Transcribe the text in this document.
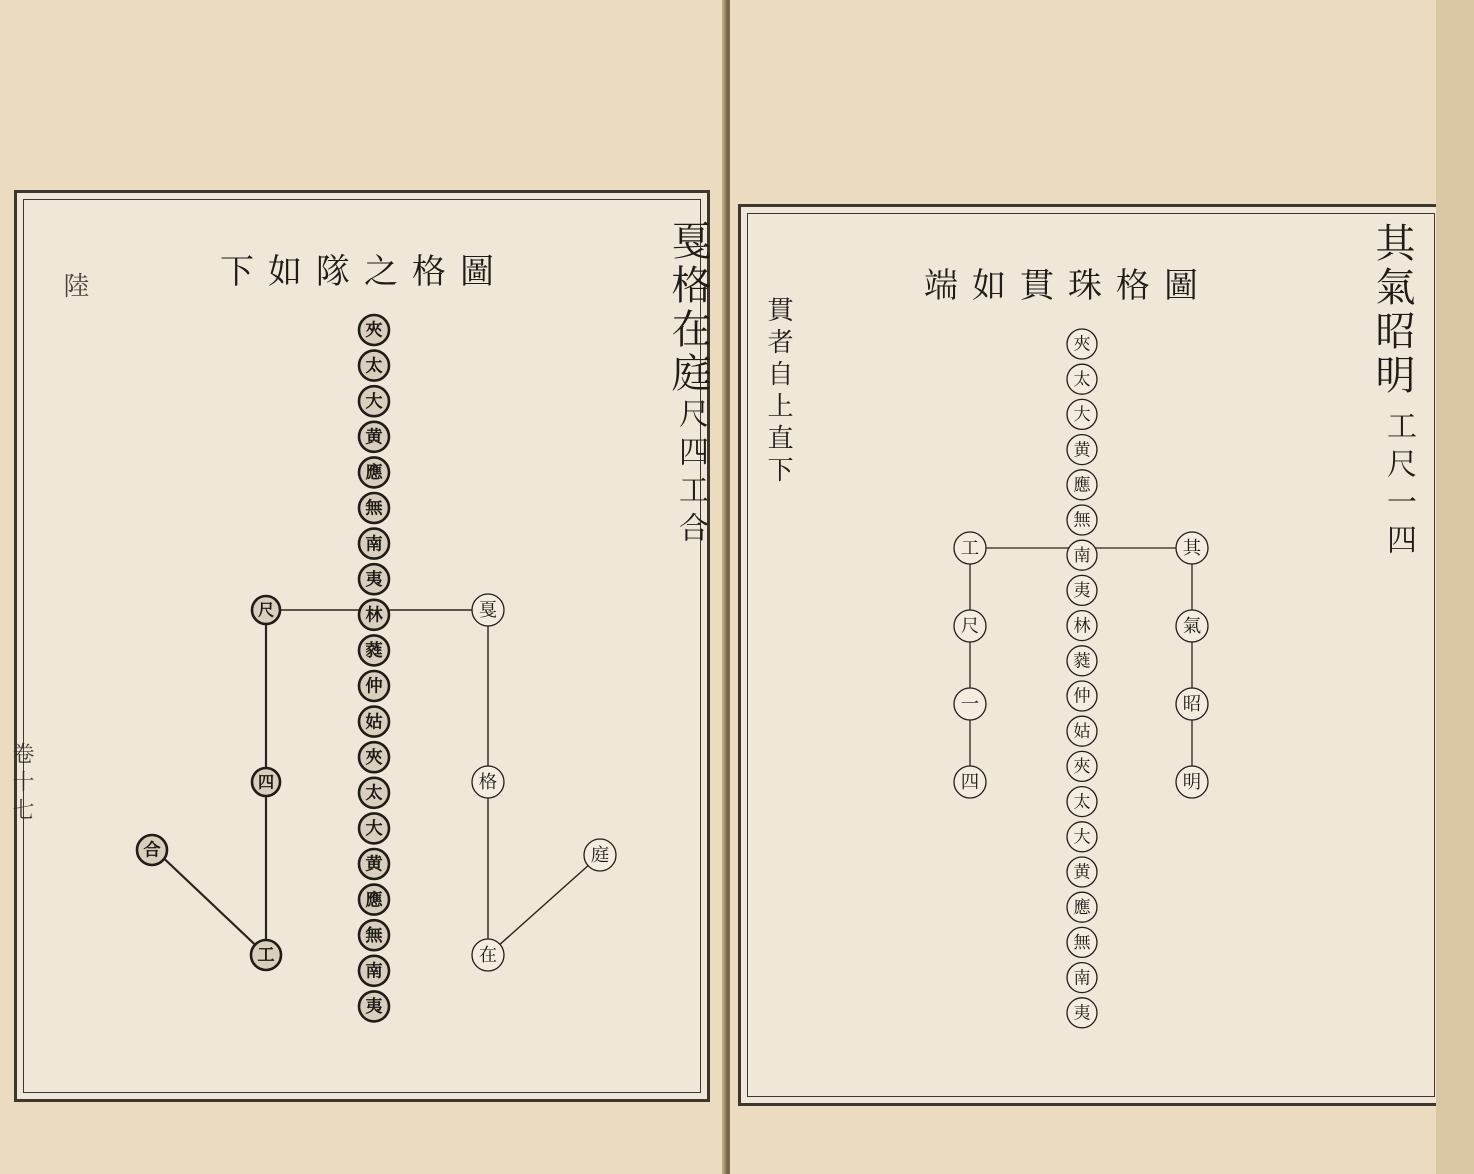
陸
卷十七
下如隊之格圖	戛格在庭
尺四工合
夾
太
大
黄
應
無
南
夷
林
蕤
仲
姑
夾
太
大
黄
應
無
南
夷
尺
四
工
合
戛
格
在
庭
端如貫珠格圖	其氣昭明
工尺一四
貫者自上直下	夾
太
大
黄
應
無
南
夷
林
蕤
仲
姑
夾
太
大
黄
應
無
南
夷
工
尺
一
四
其
氣
昭
明
